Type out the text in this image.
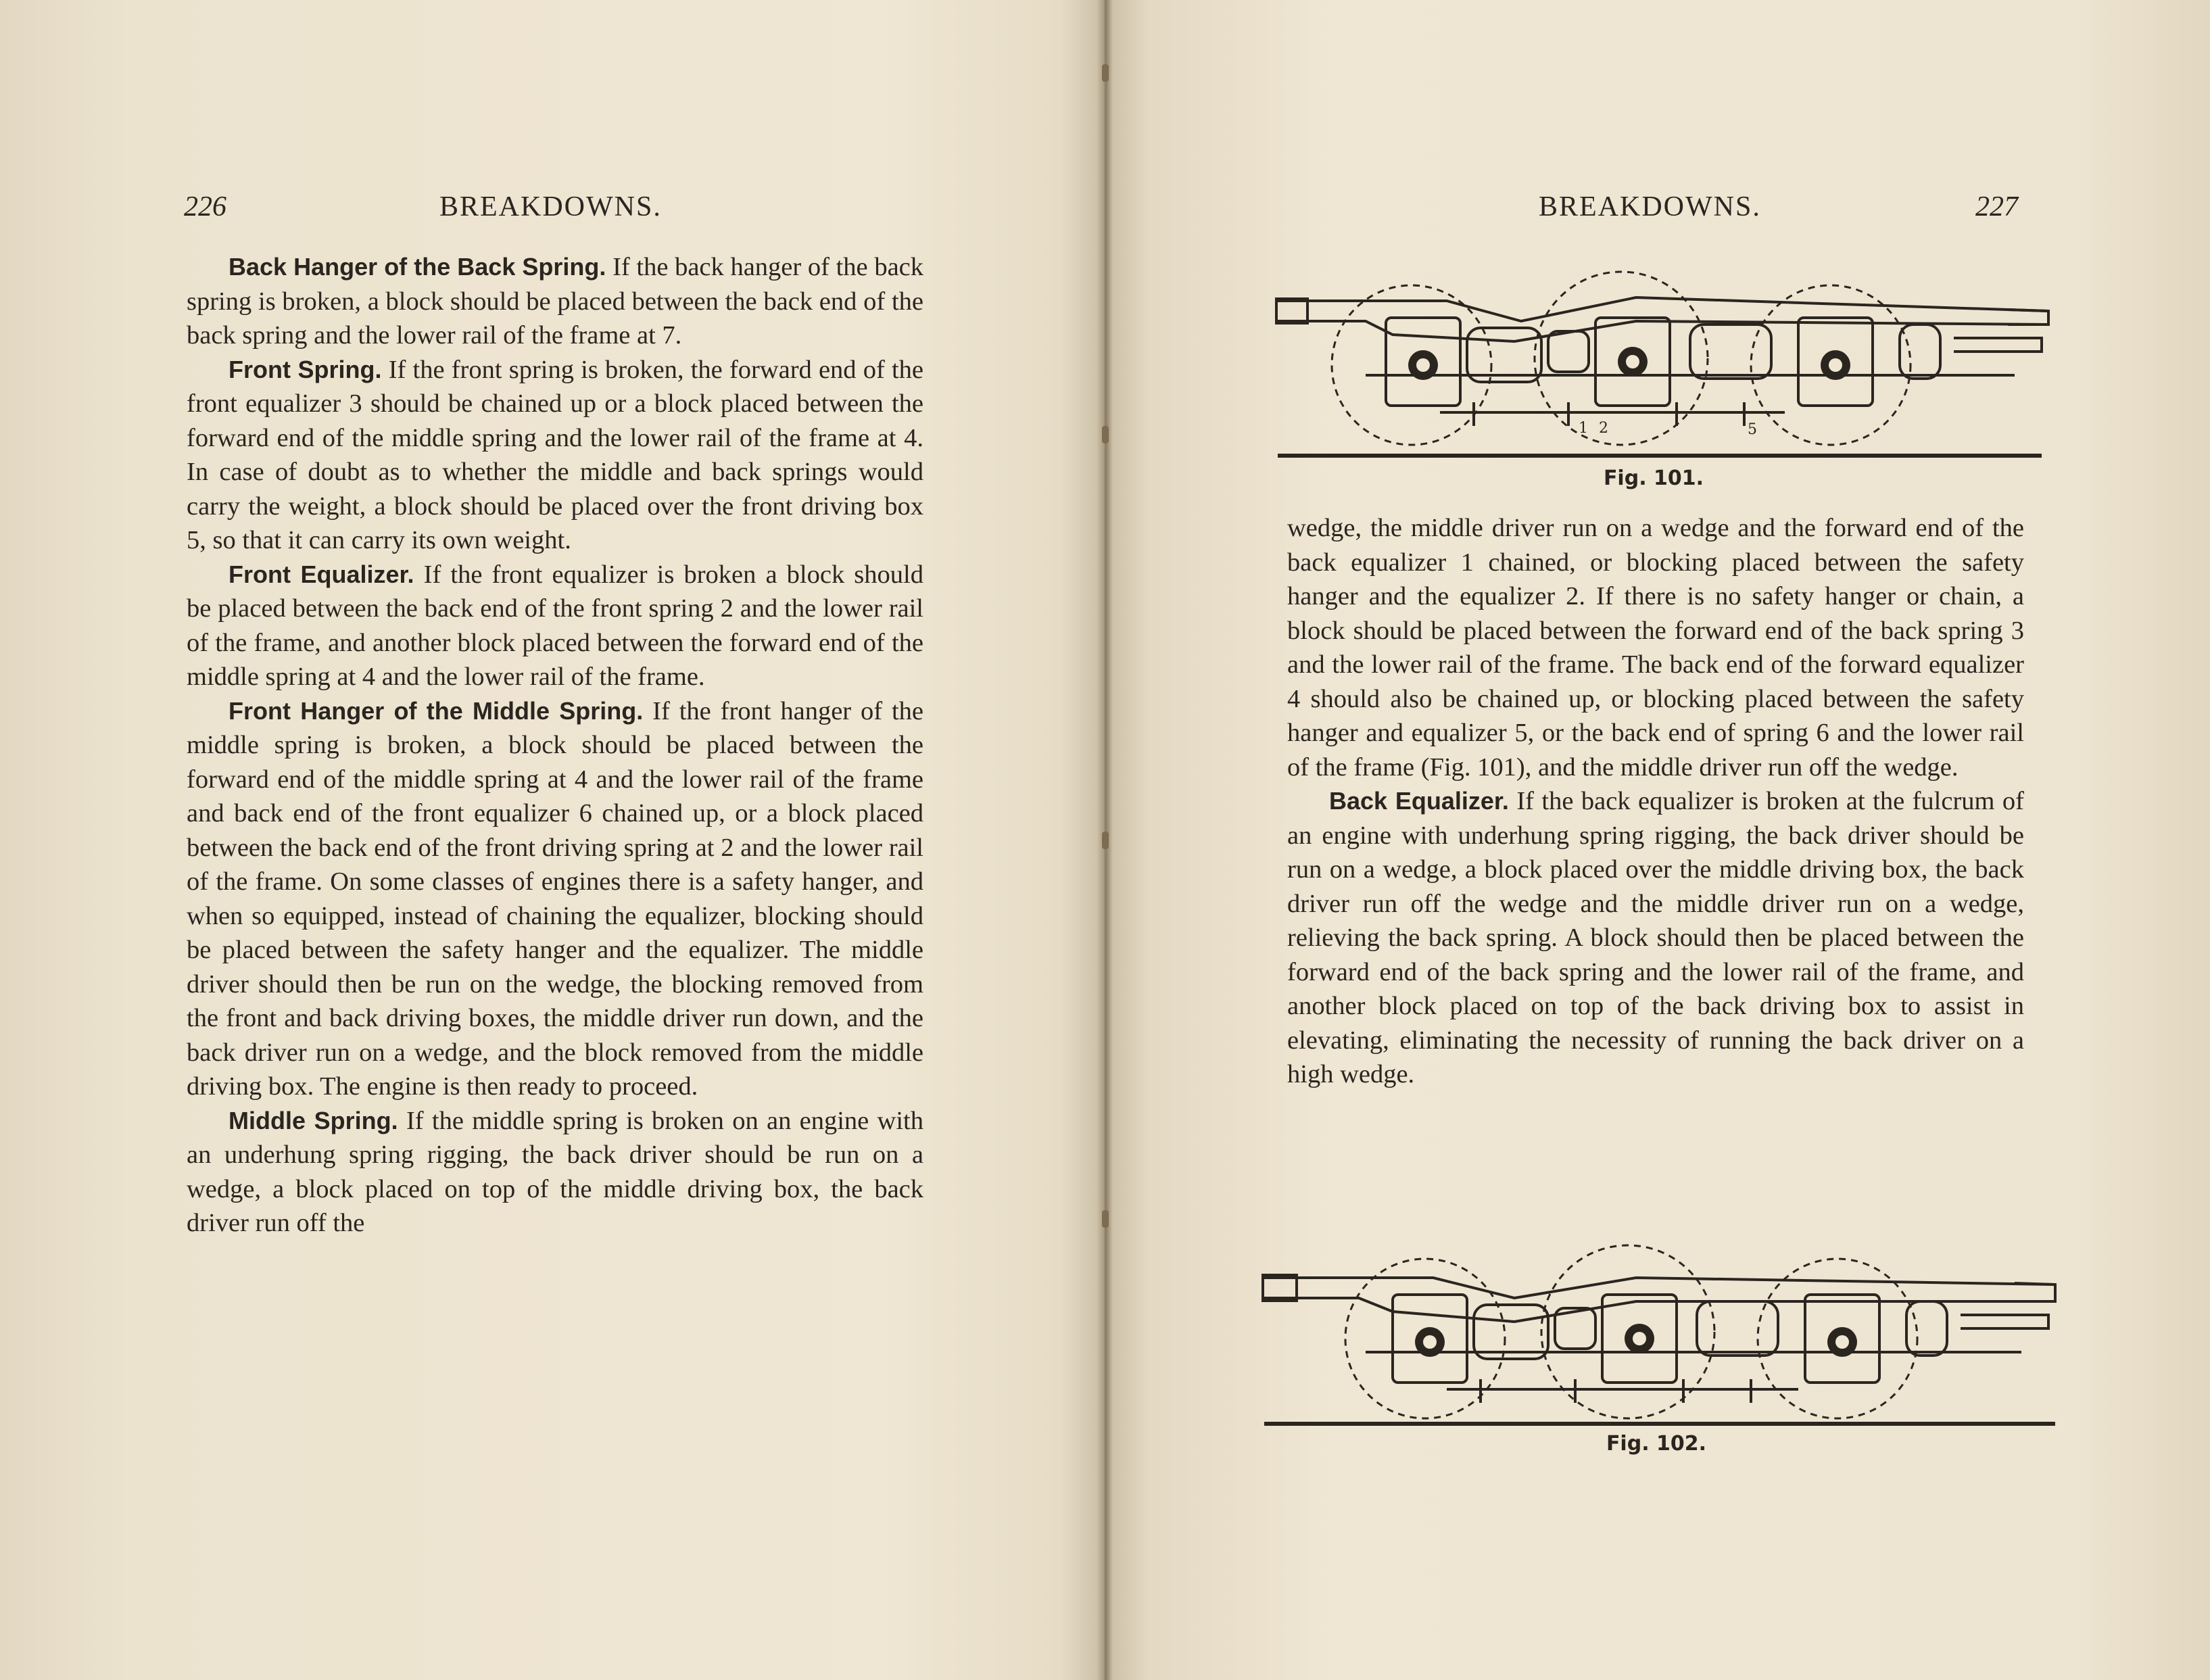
226	BREAKDOWNS.

Back Hanger of the Back Spring. If the back hanger of the back spring is broken, a block should be placed between the back end of the back spring and the lower rail of the frame at 7.

Front Spring. If the front spring is broken, the forward end of the front equalizer 3 should be chained up or a block placed between the forward end of the middle spring and the lower rail of the frame at 4. In case of doubt as to whether the middle and back springs would carry the weight, a block should be placed over the front driving box 5, so that it can carry its own weight.

Front Equalizer. If the front equalizer is broken a block should be placed between the back end of the front spring 2 and the lower rail of the frame, and another block placed between the forward end of the middle spring at 4 and the lower rail of the frame.

Front Hanger of the Middle Spring. If the front hanger of the middle spring is broken, a block should be placed between the forward end of the middle spring at 4 and the lower rail of the frame and back end of the front equalizer 6 chained up, or a block placed between the back end of the front driving spring at 2 and the lower rail of the frame. On some classes of engines there is a safety hanger, and when so equipped, instead of chaining the equalizer, blocking should be placed between the safety hanger and the equalizer. The middle driver should then be run on the wedge, the blocking removed from the front and back driving boxes, the middle driver run down, and the back driver run on a wedge, and the block removed from the middle driving box. The engine is then ready to proceed.

Middle Spring. If the middle spring is broken on an engine with an underhung spring rigging, the back driver should be run on a wedge, a block placed on top of the middle driving box, the back driver run off the

BREAKDOWNS.	227
1 2	5
Fig. 101.

wedge, the middle driver run on a wedge and the forward end of the back equalizer 1 chained, or blocking placed between the safety hanger and the equalizer 2. If there is no safety hanger or chain, a block should be placed between the forward end of the back spring 3 and the lower rail of the frame. The back end of the forward equalizer 4 should also be chained up, or blocking placed between the safety hanger and equalizer 5, or the back end of spring 6 and the lower rail of the frame (Fig. 101), and the middle driver run off the wedge.

Back Equalizer. If the back equalizer is broken at the fulcrum of an engine with underhung spring rigging, the back driver should be run on a wedge, a block placed over the middle driving box, the back driver run off the wedge and the middle driver run on a wedge, relieving the back spring. A block should then be placed between the forward end of the back spring and the lower rail of the frame, and another block placed on top of the back driving box to assist in elevating, eliminating the necessity of running the back driver on a high wedge.

Fig. 102.
